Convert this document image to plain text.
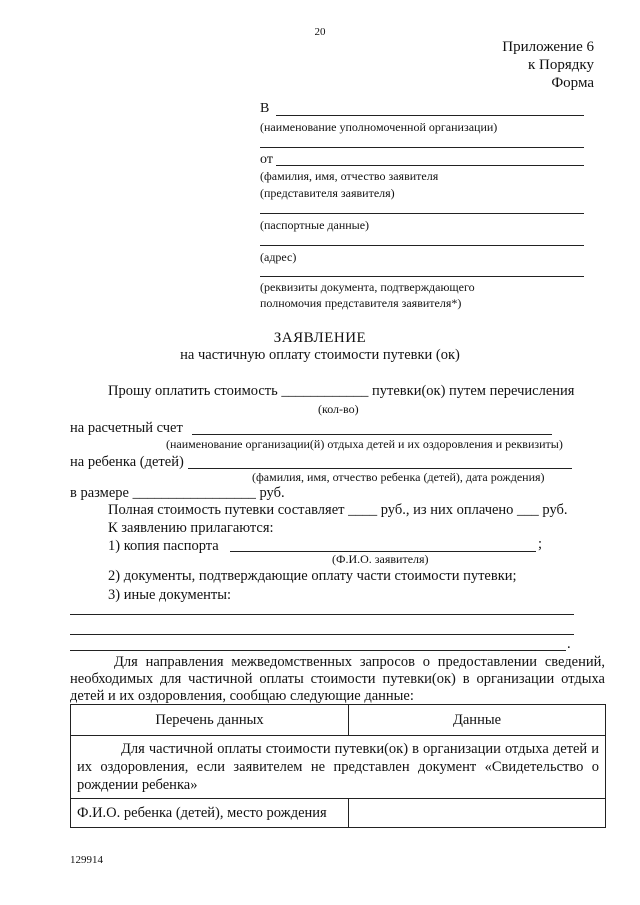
20
Приложение 6
к Порядку
Форма
В
(наименование уполномоченной организации)
от
(фамилия, имя, отчество заявителя
(представителя заявителя)
(паспортные данные)
(адрес)
(реквизиты документа, подтверждающего
полномочия представителя заявителя*)
ЗАЯВЛЕНИЕ
на частичную оплату стоимости путевки (ок)
Прошу оплатить стоимость ____________ путевки(ок) путем перечисления
(кол-во)
на расчетный счет
(наименование организации(й) отдыха детей и их оздоровления и реквизиты)
на ребенка (детей)
(фамилия, имя, отчество ребенка (детей), дата рождения)
в размере _________________ руб.
Полная стоимость путевки составляет ____ руб., из них оплачено ___ руб.
К заявлению прилагаются:
1) копия паспорта	;
(Ф.И.О. заявителя)
2) документы, подтверждающие оплату части стоимости путевки;
3) иные документы:
.
Для направления межведомственных запросов о предоставлении сведений, необходимых для частичной оплаты стоимости путевки(ок) в организации отдыха детей и их оздоровления, сообщаю следующие данные:
Перечень данных	Данные

Для частичной оплаты стоимости путевки(ок) в организации отдыха детей и их оздоровления, если заявителем не представлен документ «Свидетельство о рождении ребенка»	

Ф.И.О. ребенка (детей), место рождения	
129914
